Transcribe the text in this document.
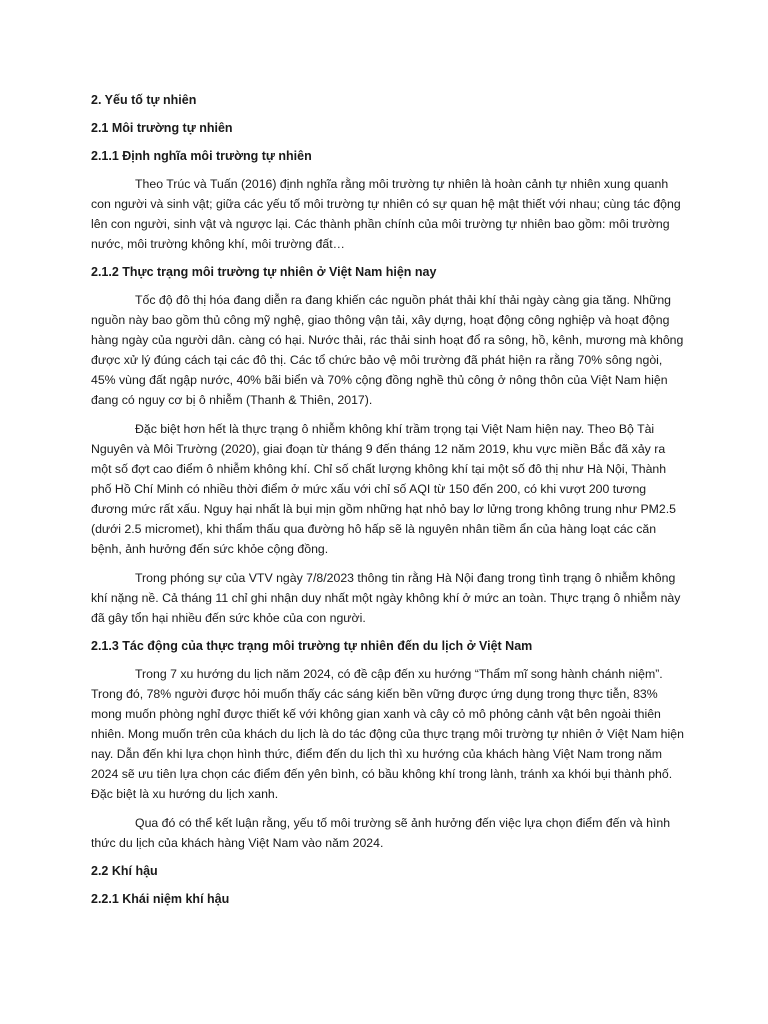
2. Yếu tố tự nhiên

2.1 Môi trường tự nhiên

2.1.1 Định nghĩa môi trường tự nhiên

Theo Trúc và Tuấn (2016) định nghĩa rằng môi trường tự nhiên là hoàn cảnh tự nhiên xung quanh con người và sinh vật; giữa các yếu tố môi trường tự nhiên có sự quan hệ mật thiết với nhau; cùng tác động lên con người, sinh vật và ngược lại. Các thành phần chính của môi trường tự nhiên bao gồm: môi trường nước, môi trường không khí, môi trường đất…

2.1.2 Thực trạng môi trường tự nhiên ở Việt Nam hiện nay

Tốc độ đô thị hóa đang diễn ra đang khiến các nguồn phát thải khí thải ngày càng gia tăng. Những nguồn này bao gồm thủ công mỹ nghệ, giao thông vận tải, xây dựng, hoạt động công nghiệp và hoạt động hàng ngày của người dân. càng có hại. Nước thải, rác thải sinh hoạt đổ ra sông, hồ, kênh, mương mà không được xử lý đúng cách tại các đô thị. Các tổ chức bảo vệ môi trường đã phát hiện ra rằng 70% sông ngòi, 45% vùng đất ngập nước, 40% bãi biển và 70% cộng đồng nghề thủ công ở nông thôn của Việt Nam hiện đang có nguy cơ bị ô nhiễm (Thanh & Thiên, 2017).

Đặc biệt hơn hết là thực trạng ô nhiễm không khí trầm trọng tại Việt Nam hiện nay. Theo Bộ Tài Nguyên và Môi Trường (2020), giai đoạn từ tháng 9 đến tháng 12 năm 2019, khu vực miền Bắc đã xảy ra một số đợt cao điểm ô nhiễm không khí. Chỉ số chất lượng không khí tại một số đô thị như Hà Nội, Thành phố Hồ Chí Minh có nhiều thời điểm ở mức xấu với chỉ số AQI từ 150 đến 200, có khi vượt 200 tương đương mức rất xấu. Nguy hại nhất là bụi mịn gồm những hạt nhỏ bay lơ lửng trong không trung như PM2.5 (dưới 2.5 micromet), khi thẩm thấu qua đường hô hấp sẽ là nguyên nhân tiềm ẩn của hàng loạt các căn bệnh, ảnh hưởng đến sức khỏe cộng đồng.

Trong phóng sự của VTV ngày 7/8/2023 thông tin rằng Hà Nội đang trong tình trạng ô nhiễm không khí nặng nề. Cả tháng 11 chỉ ghi nhận duy nhất một ngày không khí ở mức an toàn. Thực trạng ô nhiễm này đã gây tổn hại nhiều đến sức khỏe của con người.

2.1.3 Tác động của thực trạng môi trường tự nhiên đến du lịch ở Việt Nam

Trong 7 xu hướng du lịch năm 2024, có đề cập đến xu hướng “Thẩm mĩ song hành chánh niệm”. Trong đó, 78% người được hỏi muốn thấy các sáng kiến bền vững được ứng dụng trong thực tiễn, 83% mong muốn phòng nghỉ được thiết kế với không gian xanh và cây cỏ mô phỏng cảnh vật bên ngoài thiên nhiên. Mong muốn trên của khách du lịch là do tác động của thực trạng môi trường tự nhiên ở Việt Nam hiện nay. Dẫn đến khi lựa chọn hình thức, điểm đến du lịch thì xu hướng của khách hàng Việt Nam trong năm 2024 sẽ ưu tiên lựa chọn các điểm đến yên bình, có bầu không khí trong lành, tránh xa khói bụi thành phố. Đặc biệt là xu hướng du lịch xanh.

Qua đó có thể kết luận rằng, yếu tố môi trường sẽ ảnh hưởng đến việc lựa chọn điểm đến và hình thức du lịch của khách hàng Việt Nam vào năm 2024.

2.2 Khí hậu

2.2.1 Khái niệm khí hậu
